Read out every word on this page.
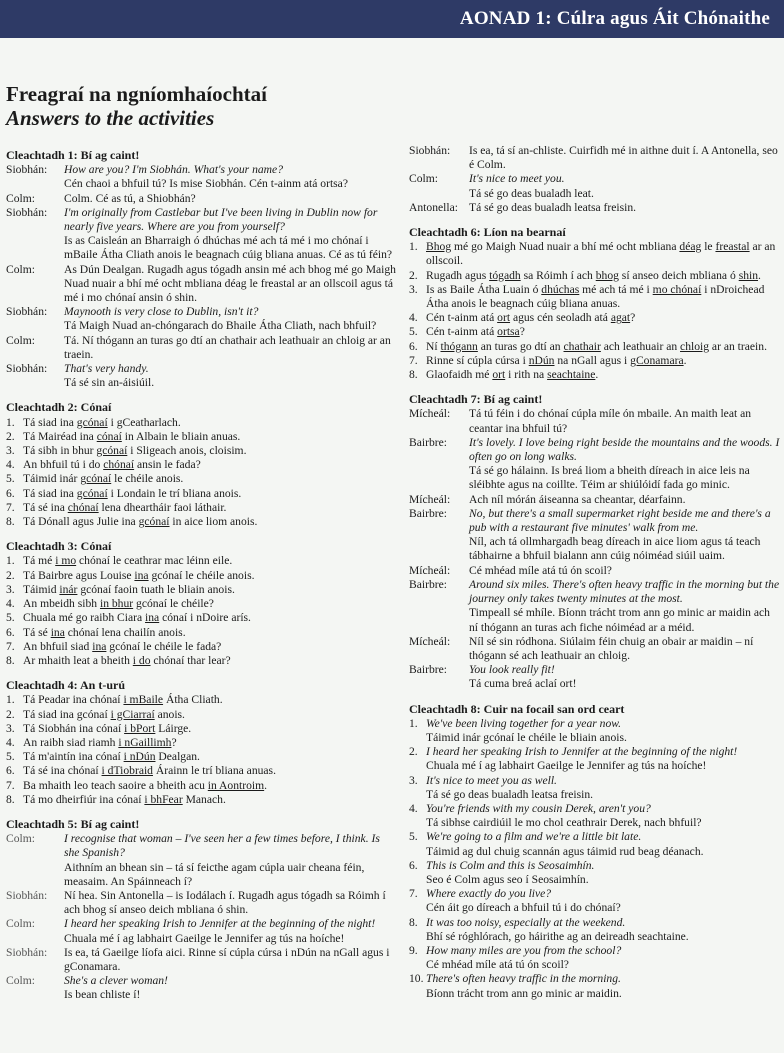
AONAD 1: Cúlra agus Áit Chónaithe
Freagraí na ngníomhaíochtaí
Answers to the activities
Cleachtadh 1: Bí ag caint!
Siobhán:	How are you? I'm Siobhán. What's your name?
Cén chaoi a bhfuil tú? Is mise Siobhán. Cén t-ainm atá ortsa?
Colm:	Colm. Cé as tú, a Shiobhán?
Siobhán:	I'm originally from Castlebar but I've been living in Dublin now for nearly five years. Where are you from yourself?
Is as Caisleán an Bharraigh ó dhúchas mé ach tá mé i mo chónaí i mBaile Átha Cliath anois le beagnach cúig bliana anuas. Cé as tú féin?
Colm:	As Dún Dealgan. Rugadh agus tógadh ansin mé ach bhog mé go Maigh Nuad nuair a bhí mé ocht mbliana déag le freastal ar an ollscoil agus tá mé i mo chónaí ansin ó shin.
Siobhán:	Maynooth is very close to Dublin, isn't it?
Tá Maigh Nuad an-chóngarach do Bhaile Átha Cliath, nach bhfuil?
Colm:	Tá. Ní thógann an turas go dtí an chathair ach leathuair an chloig ar an traein.
Siobhán:	That's very handy.
Tá sé sin an-áisiúil.
Cleachtadh 2: Cónaí
1. Tá siad ina gcónaí i gCeatharlach.
2. Tá Mairéad ina cónaí in Albain le bliain anuas.
3. Tá sibh in bhur gcónaí i Sligeach anois, cloisim.
4. An bhfuil tú i do chónaí ansin le fada?
5. Táimid inár gcónaí le chéile anois.
6. Tá siad ina gcónaí i Londain le trí bliana anois.
7. Tá sé ina chónaí lena dheartháir faoi láthair.
8. Tá Dónall agus Julie ina gcónaí in aice liom anois.
Cleachtadh 3: Cónaí
1. Tá mé i mo chónaí le ceathrar mac léinn eile.
2. Tá Bairbre agus Louise ina gcónaí le chéile anois.
3. Táimid inár gcónaí faoin tuath le bliain anois.
4. An mbeidh sibh in bhur gcónaí le chéile?
5. Chuala mé go raibh Ciara ina cónaí i nDoire arís.
6. Tá sé ina chónaí lena chailín anois.
7. An bhfuil siad ina gcónaí le chéile le fada?
8. Ar mhaith leat a bheith i do chónaí thar lear?
Cleachtadh 4: An t-urú
1. Tá Peadar ina chónaí i mBaile Átha Cliath.
2. Tá siad ina gcónaí i gCiarraí anois.
3. Tá Siobhán ina cónaí i bPort Láirge.
4. An raibh siad riamh i nGaillimh?
5. Tá m'aintín ina cónaí i nDún Dealgan.
6. Tá sé ina chónaí i dTiobraid Árainn le trí bliana anuas.
7. Ba mhaith leo teach saoire a bheith acu in Aontroim.
8. Tá mo dheirfiúr ina cónaí i bhFear Manach.
Cleachtadh 5: Bí ag caint!
Colm:	I recognise that woman – I've seen her a few times before, I think. Is she Spanish?
Aithním an bhean sin – tá sí feicthe agam cúpla uair cheana féin, measaim. An Spáinneach í?
Siobhán:	Ní hea. Sin Antonella – is Iodálach í. Rugadh agus tógadh sa Róimh í ach bhog sí anseo deich mbliana ó shin.
Colm:	I heard her speaking Irish to Jennifer at the beginning of the night!
Chuala mé í ag labhairt Gaeilge le Jennifer ag tús na hoíche!
Siobhán:	Is ea, tá Gaeilge líofa aici. Rinne sí cúpla cúrsa i nDún na nGall agus i gConamara.
Colm:	She's a clever woman!
Is bean chliste í!
Siobhán:	Is ea, tá sí an-chliste. Cuirfidh mé in aithne duit í. A Antonella, seo é Colm.
Colm:	It's nice to meet you.
Tá sé go deas bualadh leat.
Antonella: Tá sé go deas bualadh leatsa freisin.
Cleachtadh 6: Líon na bearnaí
1. Bhog mé go Maigh Nuad nuair a bhí mé ocht mbliana déag le freastal ar an ollscoil.
2. Rugadh agus tógadh sa Róimh í ach bhog sí anseo deich mbliana ó shin.
3. Is as Baile Átha Luain ó dhúchas mé ach tá mé i mo chónaí i nDroichead Átha anois le beagnach cúig bliana anuas.
4. Cén t-ainm atá ort agus cén seoladh atá agat?
5. Cén t-ainm atá ortsa?
6. Ní thógann an turas go dtí an chathair ach leathuair an chloig ar an traein.
7. Rinne sí cúpla cúrsa i nDún na nGall agus i gConamara.
8. Glaofaidh mé ort i rith na seachtaine.
Cleachtadh 7: Bí ag caint!
Mícheál:	Tá tú féin i do chónaí cúpla míle ón mbaile. An maith leat an ceantar ina bhfuil tú?
Bairbre:	It's lovely. I love being right beside the mountains and the woods. I often go on long walks.
Tá sé go hálainn. Is breá liom a bheith díreach in aice leis na sléibhte agus na coillte. Téim ar shiúlóidí fada go minic.
Mícheál:	Ach níl mórán áiseanna sa cheantar, déarfainn.
Bairbre:	No, but there's a small supermarket right beside me and there's a pub with a restaurant five minutes' walk from me.
Níl, ach tá ollmhargadh beag díreach in aice liom agus tá teach tábhairne a bhfuil bialann ann cúig nóiméad siúil uaim.
Mícheál:	Cé mhéad míle atá tú ón scoil?
Bairbre:	Around six miles. There's often heavy traffic in the morning but the journey only takes twenty minutes at the most.
Timpeall sé mhíle. Bíonn trácht trom ann go minic ar maidin ach ní thógann an turas ach fiche nóiméad ar a méid.
Mícheál:	Níl sé sin ródhona. Siúlaim féin chuig an obair ar maidin – ní thógann sé ach leathuair an chloig.
Bairbre:	You look really fit!
Tá cuma breá aclaí ort!
Cleachtadh 8: Cuir na focail san ord ceart
1. We've been living together for a year now.
Táimid inár gcónaí le chéile le bliain anois.
2. I heard her speaking Irish to Jennifer at the beginning of the night!
Chuala mé í ag labhairt Gaeilge le Jennifer ag tús na hoíche!
3. It's nice to meet you as well.
Tá sé go deas bualadh leatsa freisin.
4. You're friends with my cousin Derek, aren't you?
Tá sibhse cairdiúil le mo chol ceathrair Derek, nach bhfuil?
5. We're going to a film and we're a little bit late.
Táimid ag dul chuig scannán agus táimid rud beag déanach.
6. This is Colm and this is Seosaimhín.
Seo é Colm agus seo í Seosaimhín.
7. Where exactly do you live?
Cén áit go díreach a bhfuil tú i do chónaí?
8. It was too noisy, especially at the weekend.
Bhí sé róghlórach, go háirithe ag an deireadh seachtaine.
9. How many miles are you from the school?
Cé mhéad míle atá tú ón scoil?
10. There's often heavy traffic in the morning.
Bíonn trácht trom ann go minic ar maidin.
